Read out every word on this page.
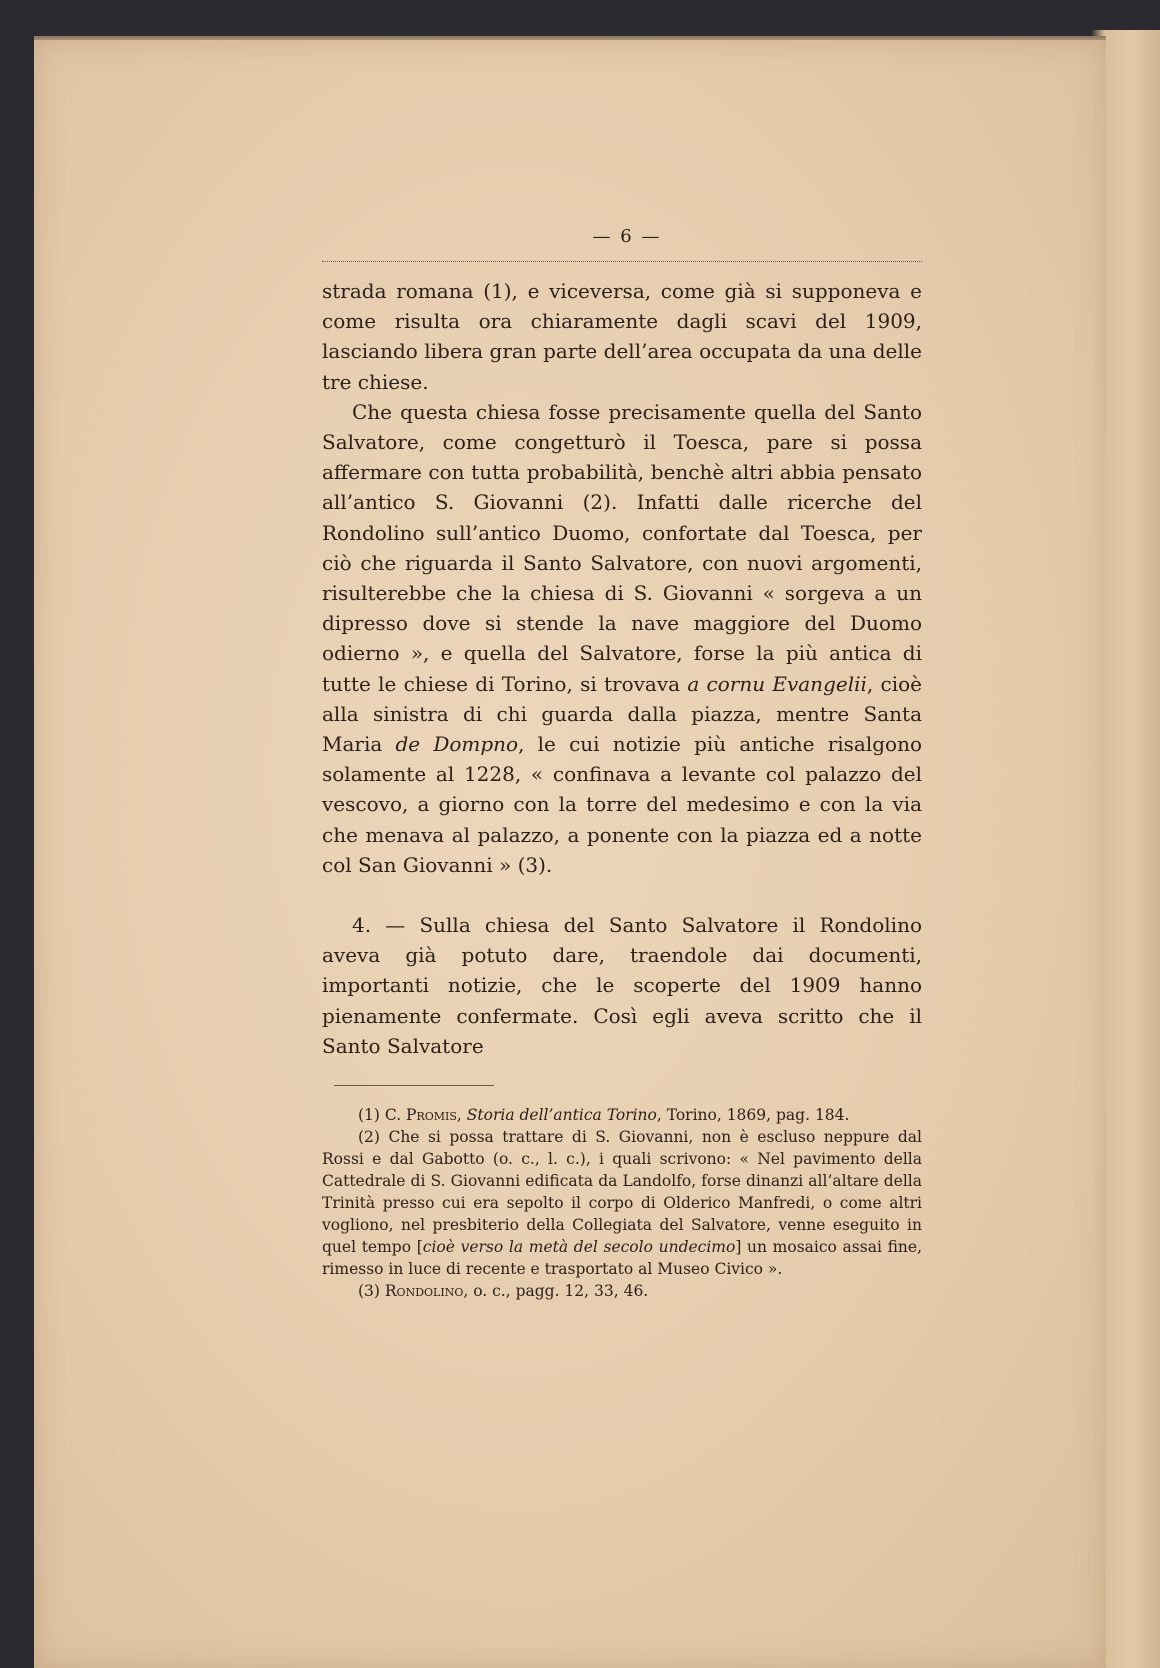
— 6 —

strada romana (1), e viceversa, come già si supponeva e come risulta ora chiaramente dagli scavi del 1909, lasciando libera gran parte dell’area occupata da una delle tre chiese.

Che questa chiesa fosse precisamente quella del Santo Salvatore, come congetturò il Toesca, pare si possa affermare con tutta probabilità, benchè altri abbia pensato all’antico S. Giovanni (2). Infatti dalle ricerche del Rondolino sull’antico Duomo, confortate dal Toesca, per ciò che riguarda il Santo Salvatore, con nuovi argomenti, risulterebbe che la chiesa di S. Giovanni « sorgeva a un dipresso dove si stende la nave maggiore del Duomo odierno », e quella del Salvatore, forse la più antica di tutte le chiese di Torino, si trovava a cornu Evangelii, cioè alla sinistra di chi guarda dalla piazza, mentre Santa Maria de Dompno, le cui notizie più antiche risalgono solamente al 1228, « confinava a levante col palazzo del vescovo, a giorno con la torre del medesimo e con la via che menava al palazzo, a ponente con la piazza ed a notte col San Giovanni » (3).

4. — Sulla chiesa del Santo Salvatore il Rondolino aveva già potuto dare, traendole dai documenti, importanti notizie, che le scoperte del 1909 hanno pienamente confermate. Così egli aveva scritto che il Santo Salvatore

(1) C. Promis, Storia dell’antica Torino, Torino, 1869, pag. 184.

(2) Che si possa trattare di S. Giovanni, non è escluso neppure dal Rossi e dal Gabotto (o. c., l. c.), i quali scrivono: « Nel pavimento della Cattedrale di S. Giovanni edificata da Landolfo, forse dinanzi all’altare della Trinità presso cui era sepolto il corpo di Olderico Manfredi, o come altri vogliono, nel presbiterio della Collegiata del Salvatore, venne eseguito in quel tempo [cioè verso la metà del secolo undecimo] un mosaico assai fine, rimesso in luce di recente e trasportato al Museo Civico ».

(3) Rondolino, o. c., pagg. 12, 33, 46.
